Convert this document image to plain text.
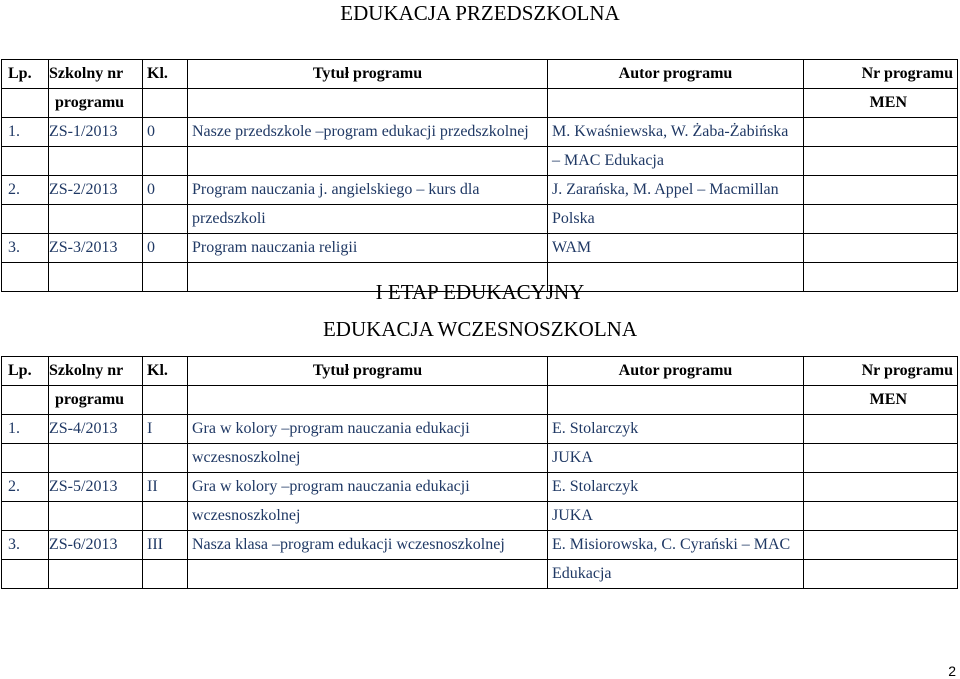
EDUKACJA PRZEDSZKOLNA
Lp.	Szkolny nr	Kl.	Tytuł programu	Autor programu	Nr programu
	programu				MEN
1.	ZS-1/2013	0	Nasze przedszkole –program edukacji przedszkolnej	M. Kwaśniewska, W. Żaba-Żabińska	
				– MAC Edukacja	
2.	ZS-2/2013	0	Program nauczania j. angielskiego – kurs dla	J. Zarańska, M. Appel – Macmillan	
			przedszkoli	Polska	
3.	ZS-3/2013	0	Program nauczania religii	WAM	

I ETAP EDUKACYJNY
EDUKACJA WCZESNOSZKOLNA
Lp.	Szkolny nr	Kl.	Tytuł programu	Autor programu	Nr programu
	programu				MEN
1.	ZS-4/2013	I	Gra w kolory –program nauczania edukacji	E. Stolarczyk	
			wczesnoszkolnej	JUKA	
2.	ZS-5/2013	II	Gra w kolory –program nauczania edukacji	E. Stolarczyk	
			wczesnoszkolnej	JUKA	
3.	ZS-6/2013	III	Nasza klasa –program edukacji wczesnoszkolnej	E. Misiorowska, C. Cyrański – MAC	
				Edukacja	
2
